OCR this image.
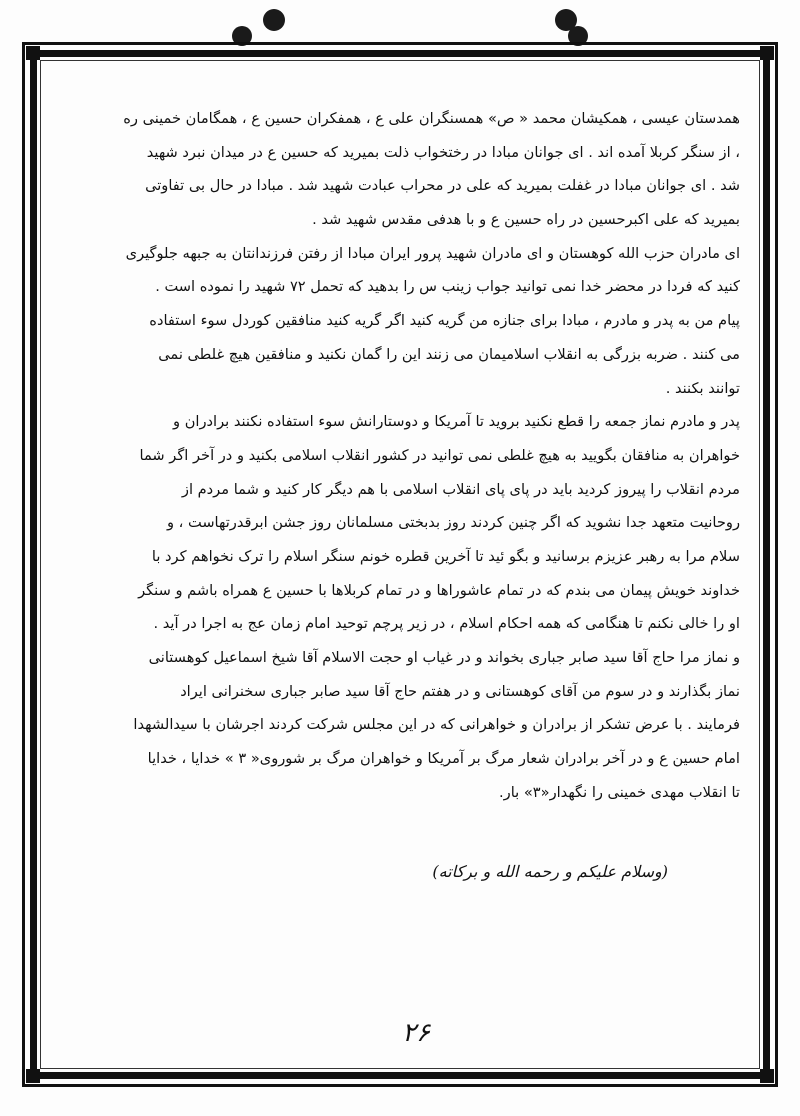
همدستان عیسی ، همکیشان محمد « ص» همسنگران علی ع ، همفکران حسین ع ، همگامان خمینی ره
، از سنگر کربلا آمده اند . ای جوانان مبادا در رختخواب ذلت بمیرید که حسین ع در میدان نبرد شهید
شد . ای جوانان مبادا در غفلت بمیرید که علی در محراب عبادت شهید شد . مبادا در حال بی تفاوتی
بمیرید که علی اکبرحسین در راه حسین ع و با هدفی مقدس شهید شد .
ای مادران حزب الله کوهستان و ای مادران شهید پرور ایران مبادا از رفتن فرزندانتان به جبهه جلوگیری
کنید که فردا در محضر خدا نمی توانید جواب زینب س را بدهید که تحمل ۷۲ شهید را نموده است .
پیام من به پدر و مادرم ، مبادا برای جنازه من گریه کنید اگر گریه کنید منافقین کوردل سوء استفاده
می کنند . ضربه بزرگی به انقلاب اسلامیمان می زنند این را گمان نکنید و منافقین هیچ غلطی نمی
توانند بکنند .
پدر و مادرم نماز جمعه را قطع نکنید بروید تا آمریکا و دوستارانش سوء استفاده نکنند برادران و
خواهران به منافقان بگویید به هیچ غلطی نمی توانید در کشور انقلاب اسلامی بکنید و در آخر اگر شما
مردم انقلاب را پیروز کردید باید در پای پای انقلاب اسلامی با هم دیگر کار کنید و شما مردم از
روحانیت متعهد جدا نشوید که اگر چنین کردند روز بدبختی مسلمانان روز جشن ابرقدرتهاست ، و
سلام مرا به رهبر عزیزم برسانید و بگو ئید تا آخرین قطره خونم سنگر اسلام را ترک نخواهم کرد با
خداوند خویش پیمان می بندم که در تمام عاشوراها و در تمام کربلاها با حسین ع همراه باشم و سنگر
او را خالی نکنم تا هنگامی که همه احکام اسلام ، در زیر پرچم توحید امام زمان عج به اجرا در آید .
و نماز مرا حاج آقا سید صابر جباری بخواند و در غیاب او حجت الاسلام آقا شیخ اسماعیل کوهستانی
نماز بگذارند و در سوم من آقای کوهستانی و در هفتم حاج آقا سید صابر جباری سخنرانی ایراد
فرمایند . با عرض تشکر از برادران و خواهرانی که در این مجلس شرکت کردند اجرشان با سیدالشهدا
امام حسین ع و در آخر برادران شعار مرگ بر آمریکا و خواهران مرگ بر شوروی« ۳ » خدایا ، خدایا
تا انقلاب مهدی خمینی را نگهدار«۳» بار.
(وسلام علیکم و رحمه الله و برکاته)
۲۶
